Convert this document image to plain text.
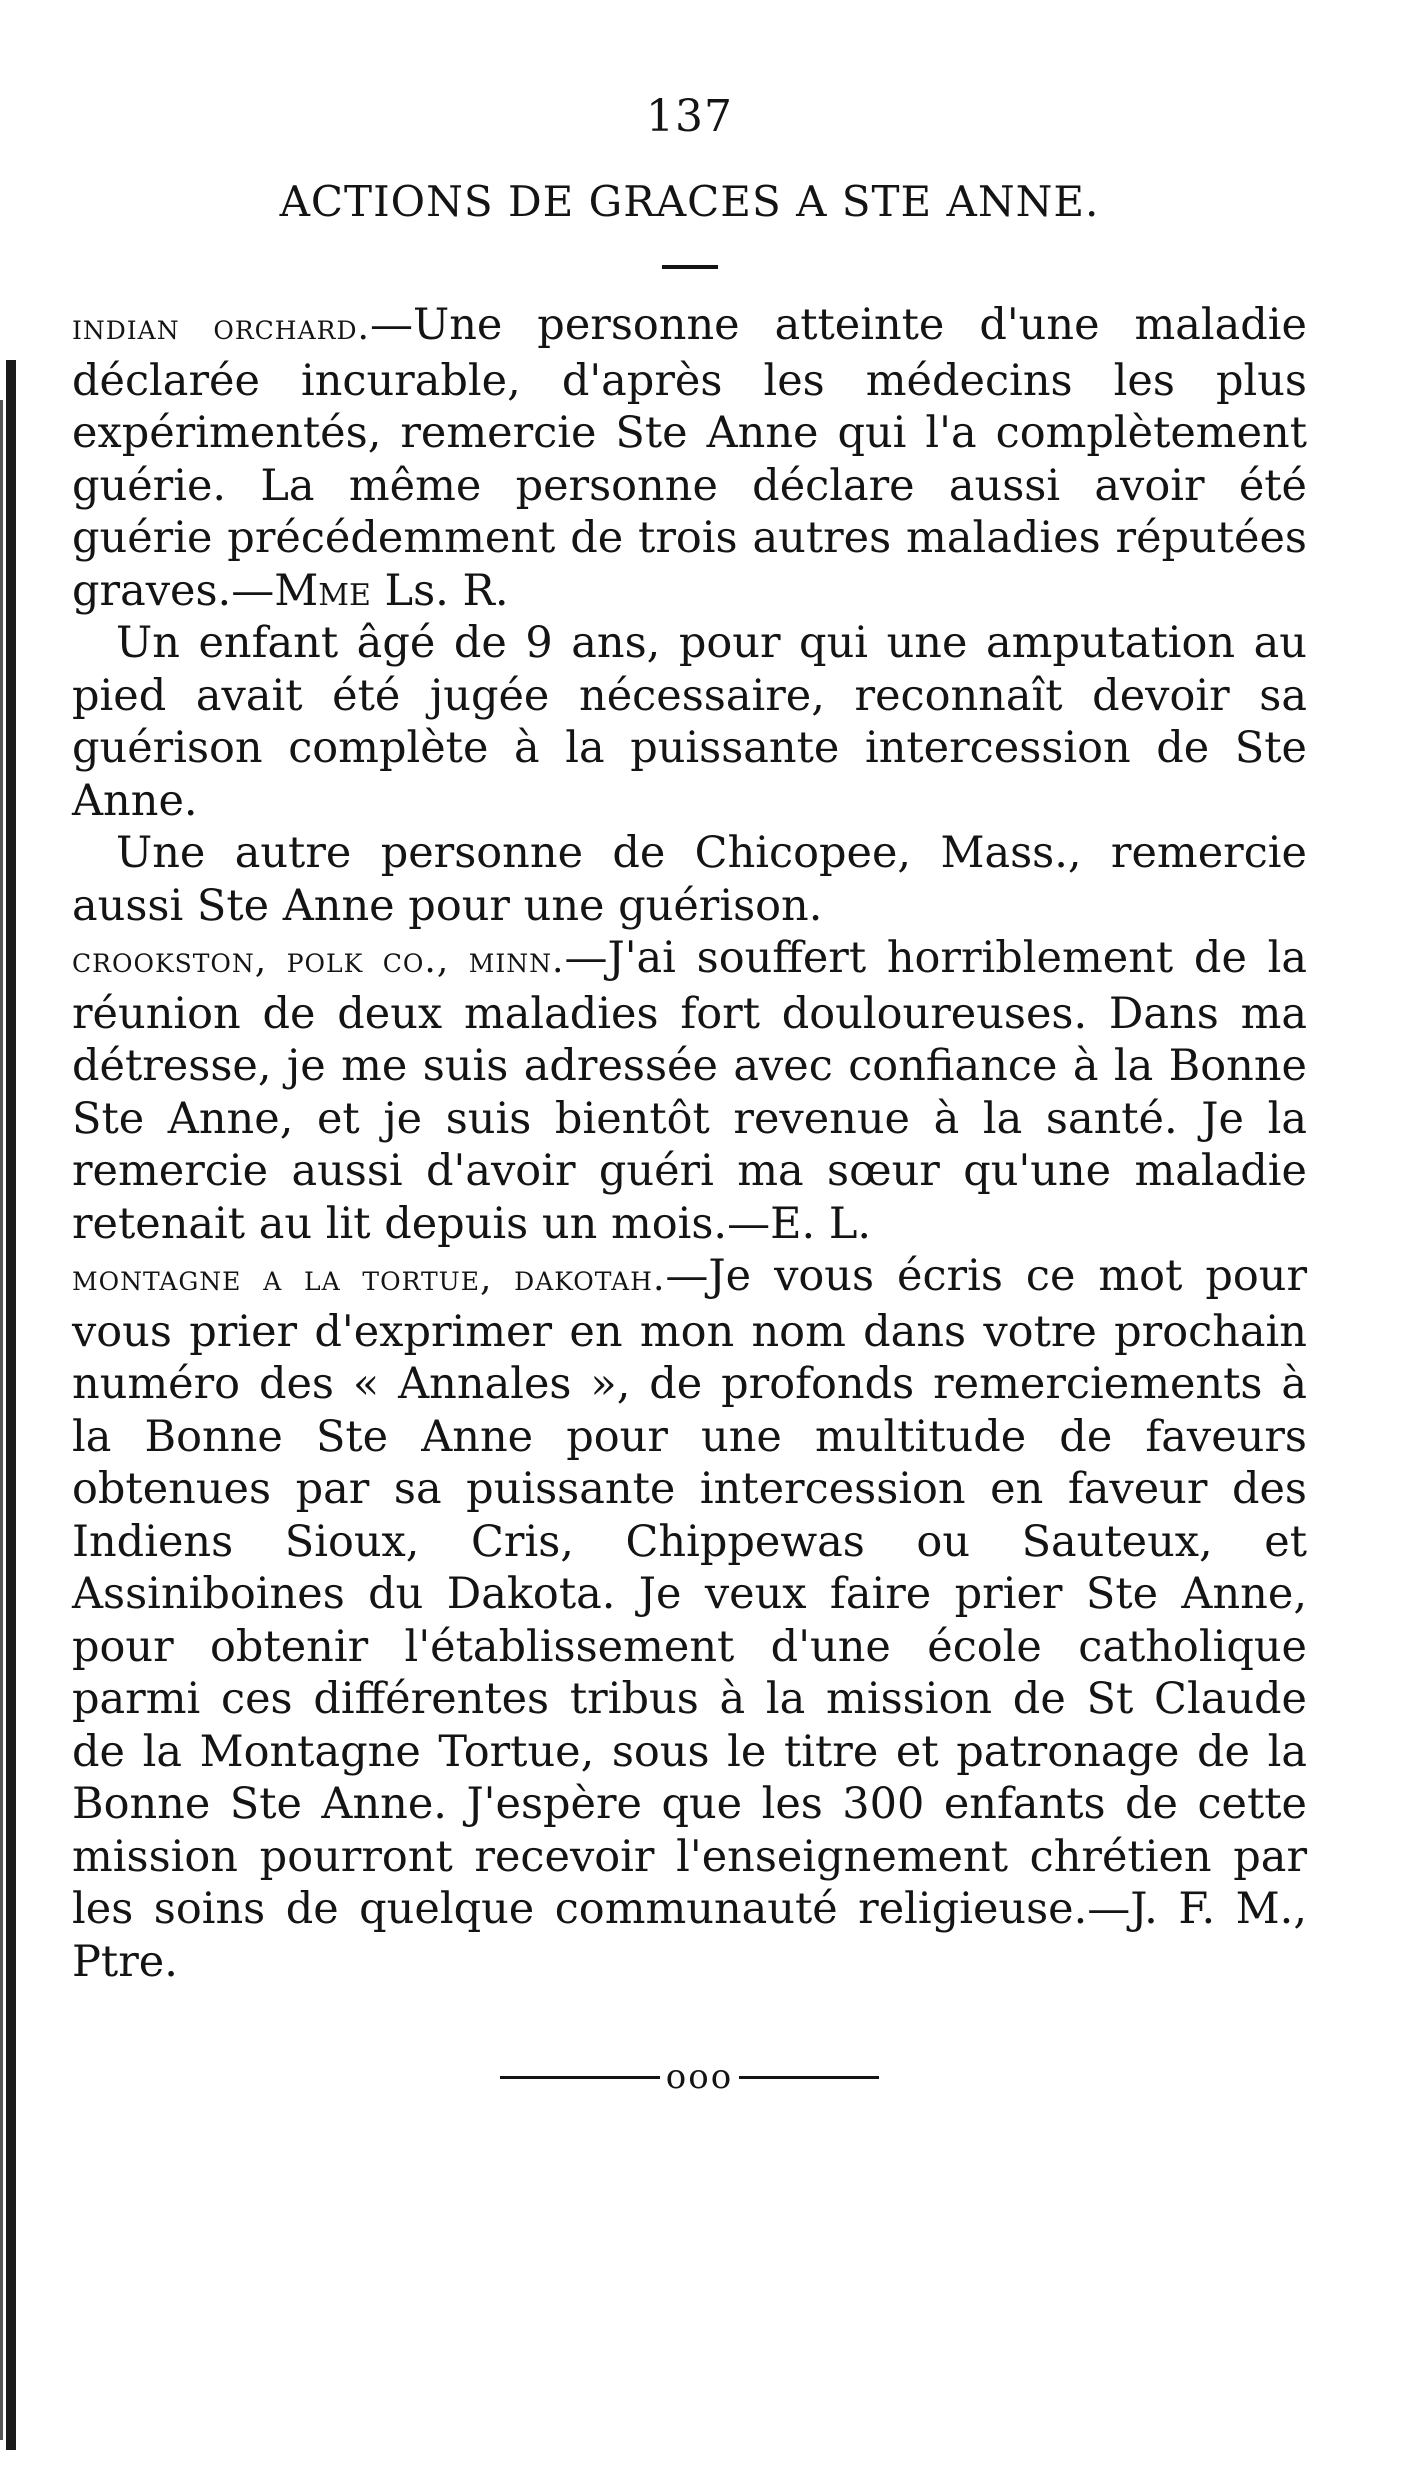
137
ACTIONS DE GRACES A STE ANNE.

indian orchard.—Une personne atteinte d'une maladie déclarée incurable, d'après les médecins les plus expérimentés, remercie Ste Anne qui l'a complètement guérie. La même personne déclare aussi avoir été guérie précédemment de trois autres maladies réputées graves.—Mme Ls. R.

Un enfant âgé de 9 ans, pour qui une amputation au pied avait été jugée nécessaire, reconnaît devoir sa guérison complète à la puissante intercession de Ste Anne.

Une autre personne de Chicopee, Mass., remercie aussi Ste Anne pour une guérison.

crookston, polk co., minn.—J'ai souffert horriblement de la réunion de deux maladies fort douloureuses. Dans ma détresse, je me suis adressée avec confiance à la Bonne Ste Anne, et je suis bientôt revenue à la santé. Je la remercie aussi d'avoir guéri ma sœur qu'une maladie retenait au lit depuis un mois.—E. L.

montagne a la tortue, dakotah.—Je vous écris ce mot pour vous prier d'exprimer en mon nom dans votre prochain numéro des « Annales », de profonds remerciements à la Bonne Ste Anne pour une multitude de faveurs obtenues par sa puissante intercession en faveur des Indiens Sioux, Cris, Chippewas ou Sauteux, et Assiniboines du Dakota. Je veux faire prier Ste Anne, pour obtenir l'établissement d'une école catholique parmi ces différentes tribus à la mission de St Claude de la Montagne Tortue, sous le titre et patronage de la Bonne Ste Anne. J'espère que les 300 enfants de cette mission pourront recevoir l'enseignement chrétien par les soins de quelque communauté religieuse.—J. F. M., Ptre.

ooo
